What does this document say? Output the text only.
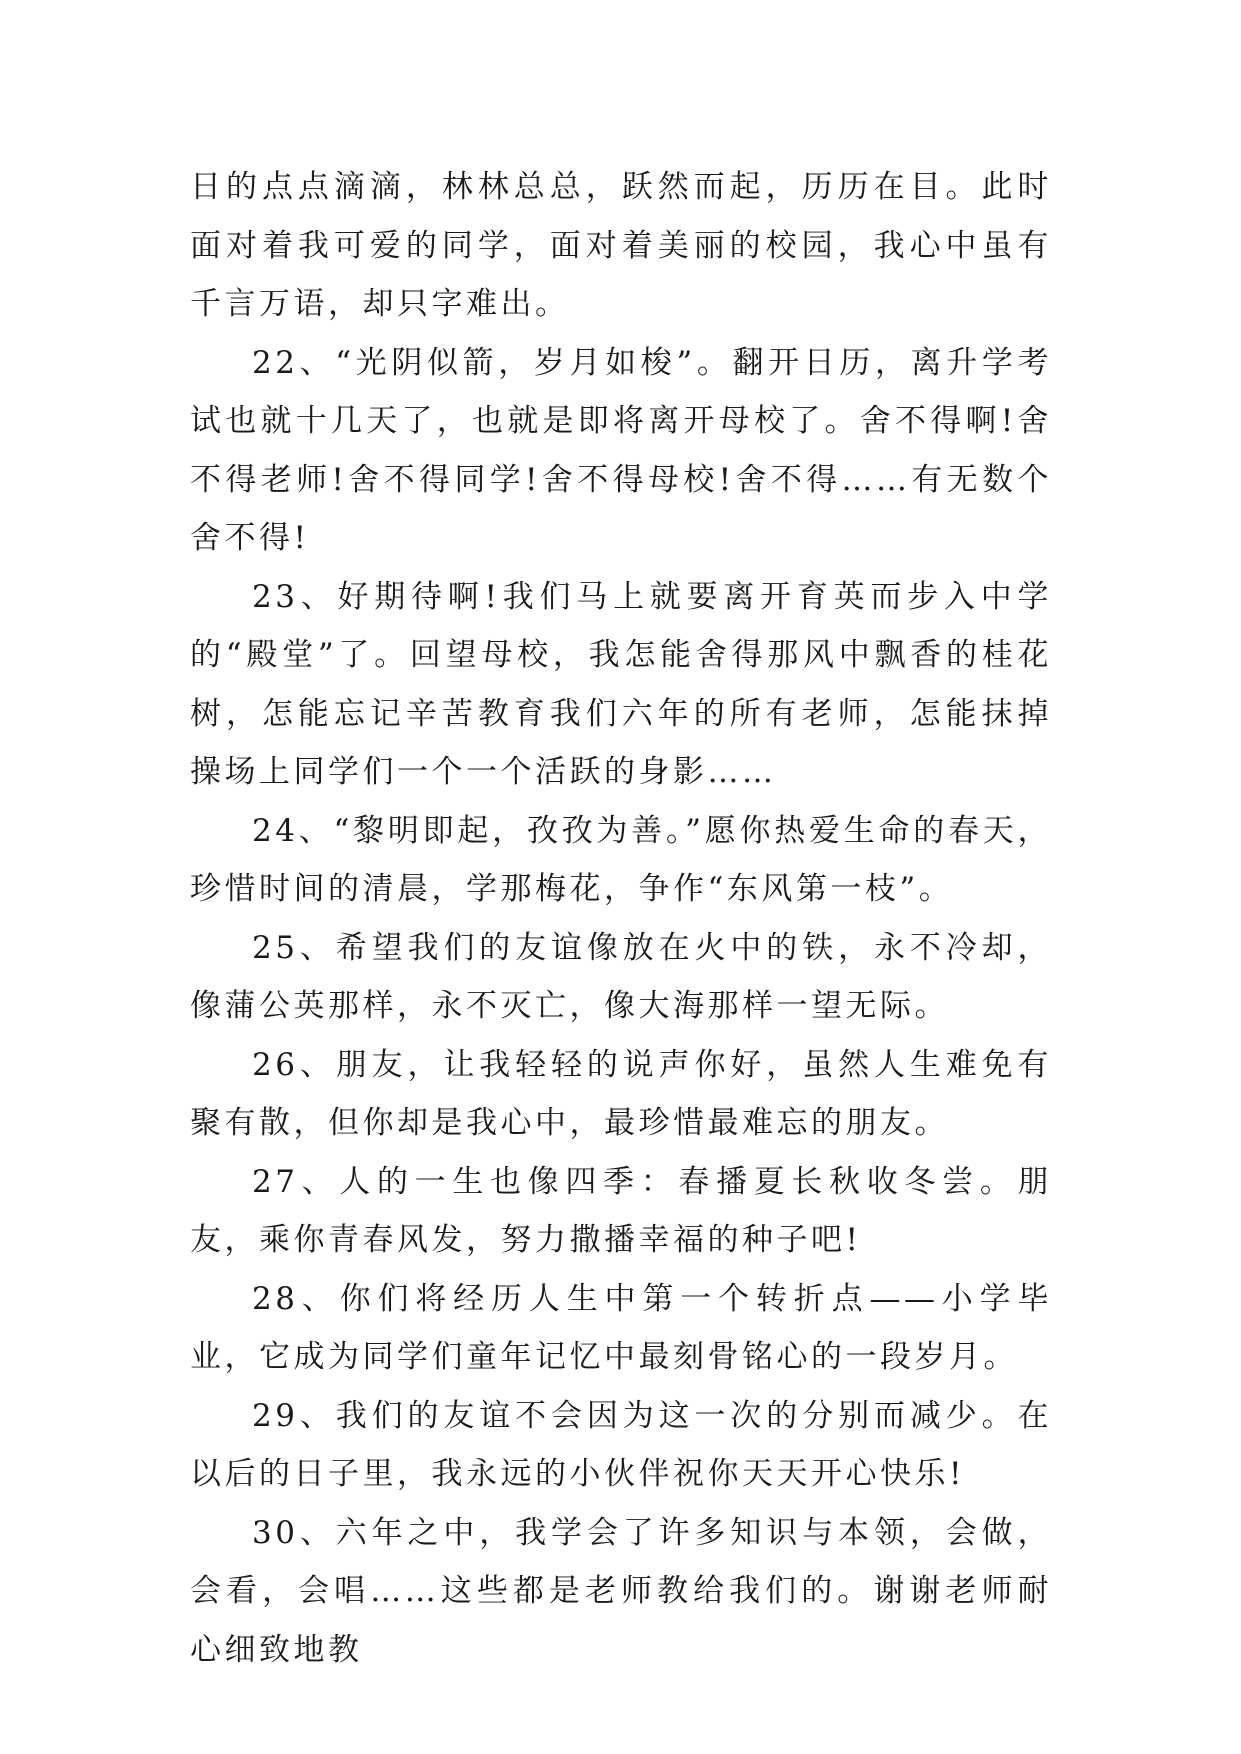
日的点点滴滴，林林总总，跃然而起，历历在目。此时面对着我可爱的同学，面对着美丽的校园，我心中虽有千言万语，却只字难出。

22、“光阴似箭，岁月如梭”。翻开日历，离升学考试也就十几天了，也就是即将离开母校了。舍不得啊!舍不得老师!舍不得同学!舍不得母校!舍不得……有无数个舍不得!

23、好期待啊!我们马上就要离开育英而步入中学的“殿堂”了。回望母校，我怎能舍得那风中飘香的桂花树，怎能忘记辛苦教育我们六年的所有老师，怎能抹掉操场上同学们一个一个活跃的身影……

24、“黎明即起，孜孜为善。”愿你热爱生命的春天，珍惜时间的清晨，学那梅花，争作“东风第一枝”。

25、希望我们的友谊像放在火中的铁，永不冷却，像蒲公英那样，永不灭亡，像大海那样一望无际。

26、朋友，让我轻轻的说声你好，虽然人生难免有聚有散，但你却是我心中，最珍惜最难忘的朋友。

27、人的一生也像四季：春播夏长秋收冬尝。朋友，乘你青春风发，努力撒播幸福的种子吧!

28、你们将经历人生中第一个转折点——小学毕业，它成为同学们童年记忆中最刻骨铭心的一段岁月。

29、我们的友谊不会因为这一次的分别而减少。在以后的日子里，我永远的小伙伴祝你天天开心快乐!

30、六年之中，我学会了许多知识与本领，会做，会看，会唱……这些都是老师教给我们的。谢谢老师耐心细致地教
